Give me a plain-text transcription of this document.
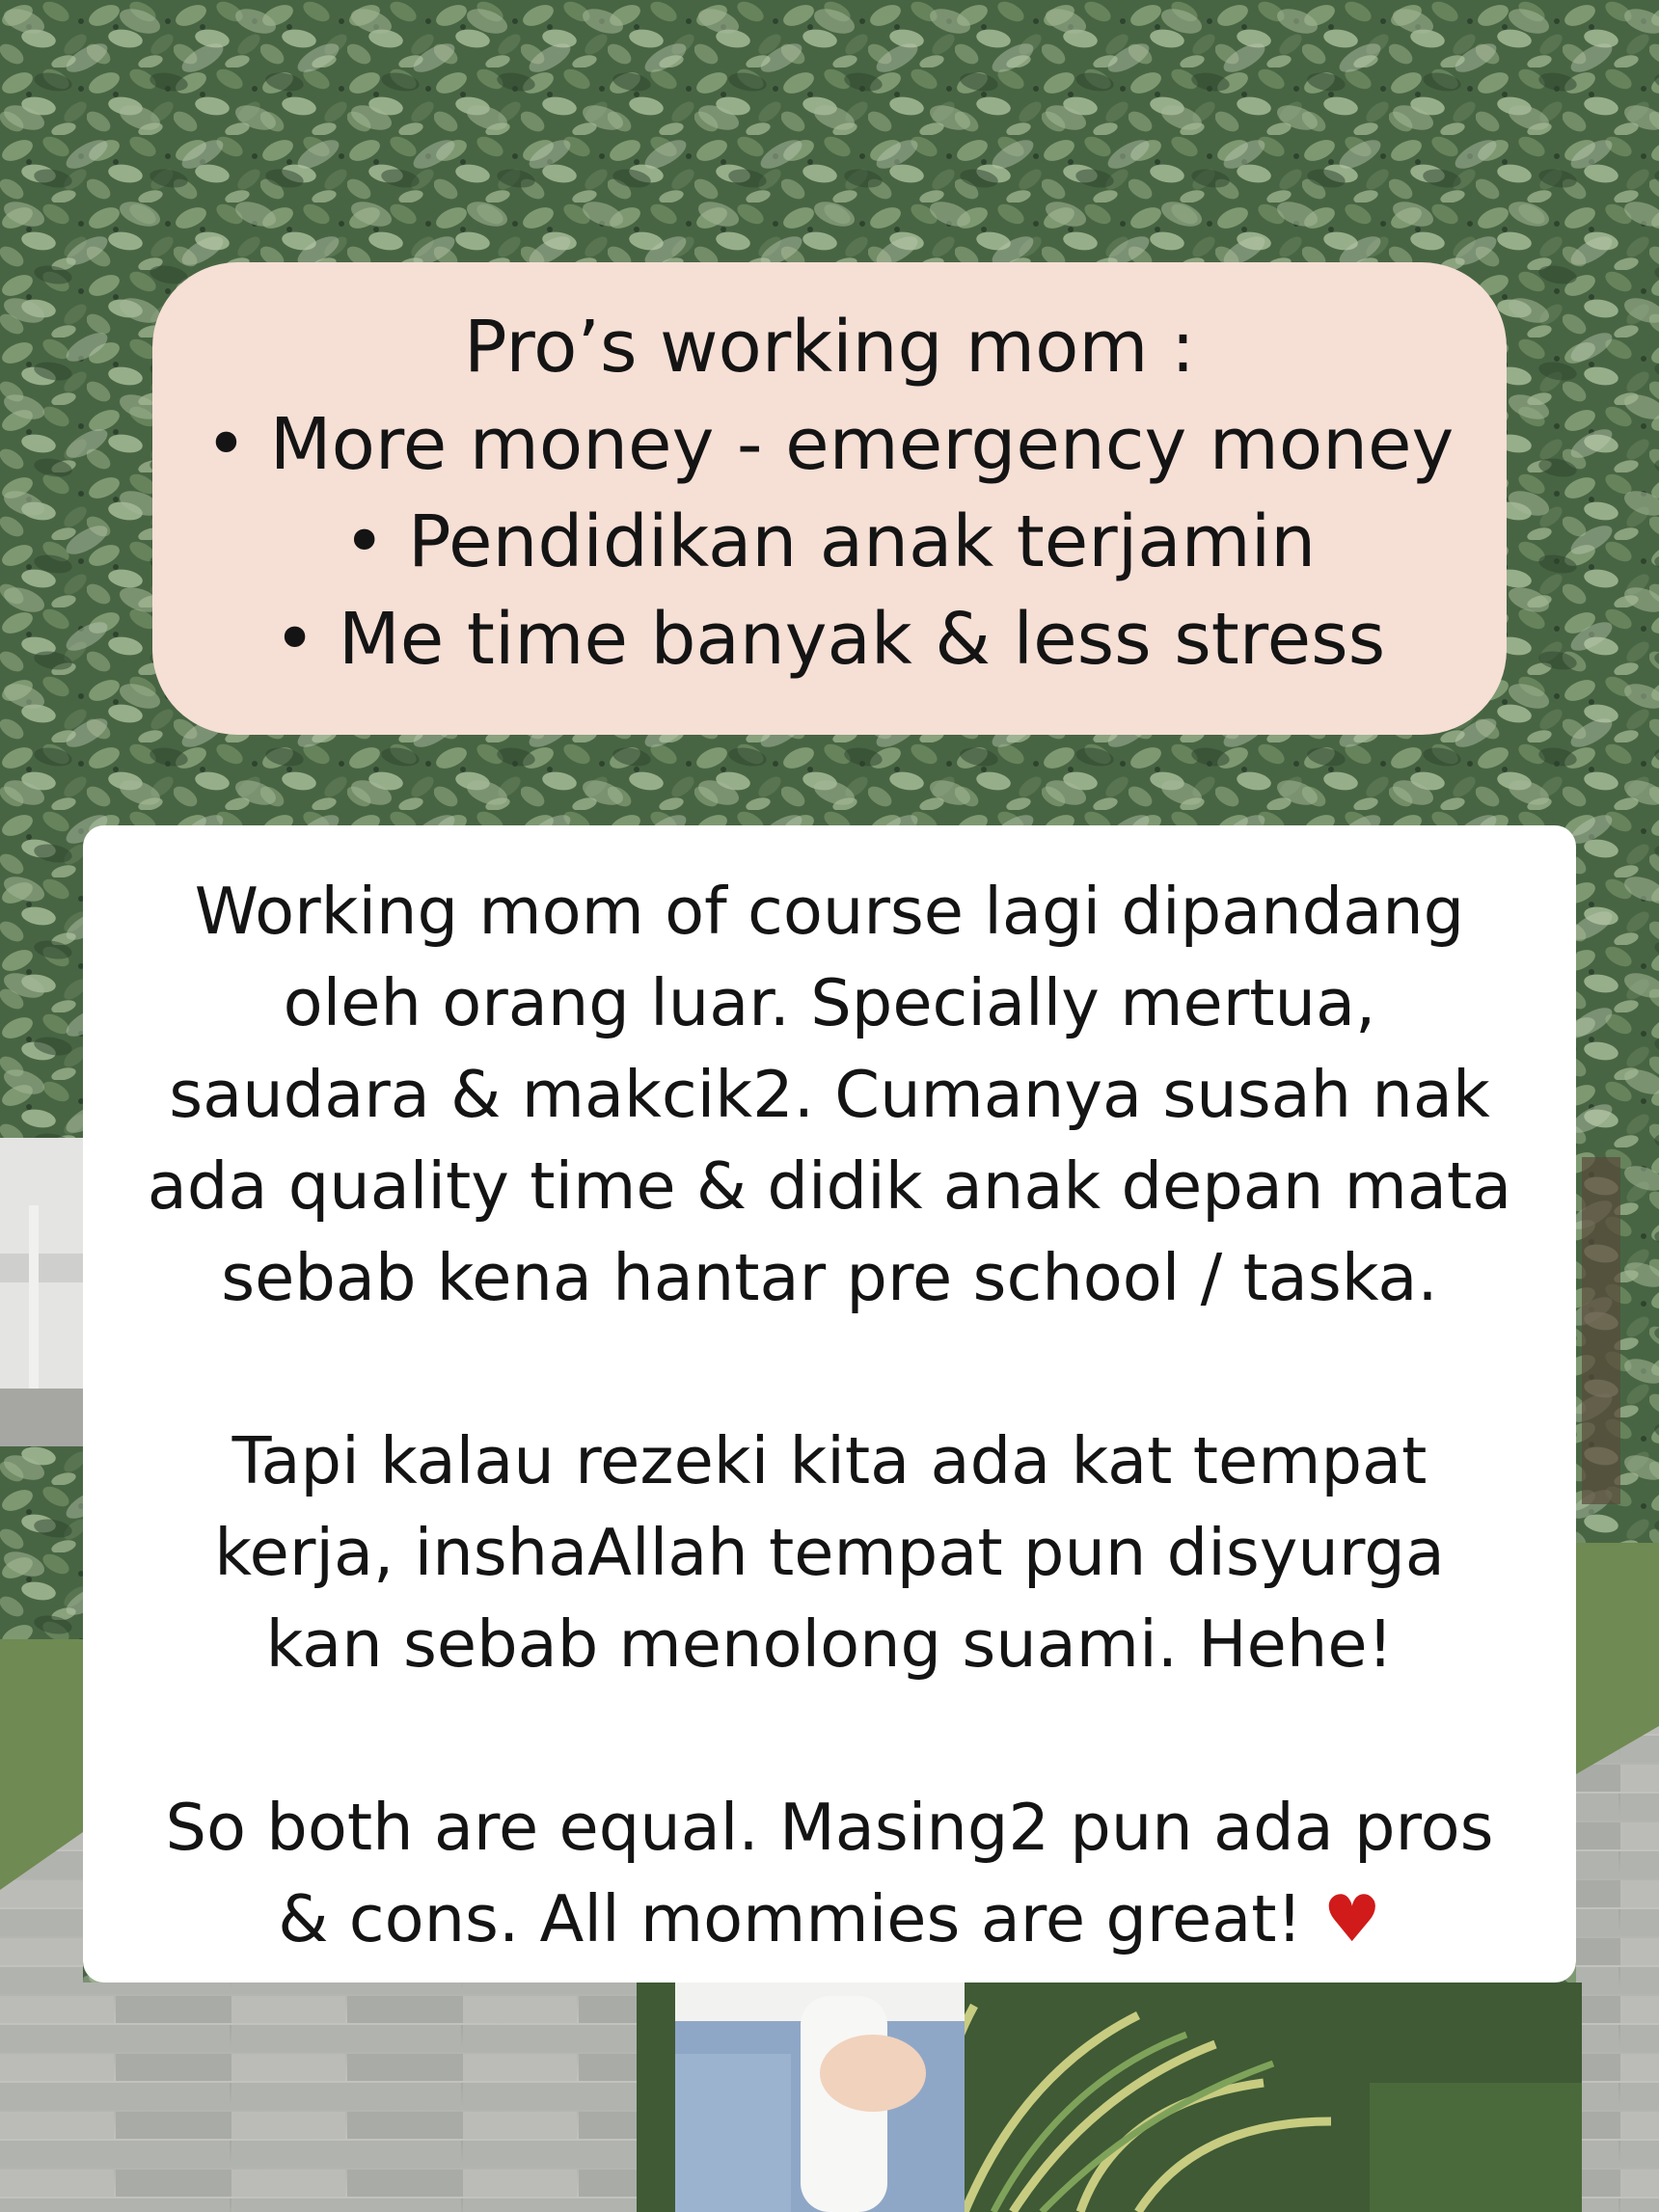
Pro’s working mom :
• More money - emergency money
• Pendidikan anak terjamin
• Me time banyak & less stress
Working mom of course lagi dipandang
oleh orang luar. Specially mertua,
saudara & makcik2. Cumanya susah nak
ada quality time & didik anak depan mata
sebab kena hantar pre school / taska.
Tapi kalau rezeki kita ada kat tempat
kerja, inshaAllah tempat pun disyurga
kan sebab menolong suami. Hehe!
So both are equal. Masing2 pun ada pros
& cons. All mommies are great! ♥
